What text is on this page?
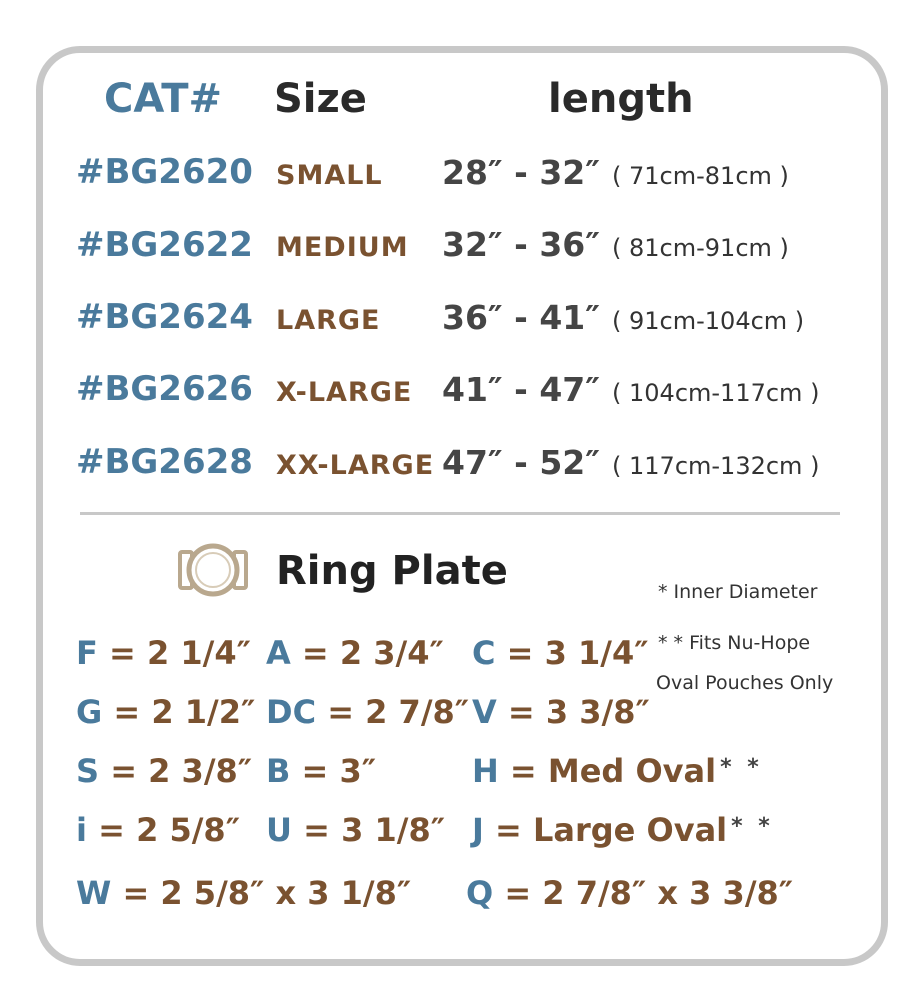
CAT# Size	length
#BG2620 SMALL 28″ - 32″ ( 71cm-81cm )
#BG2622 MEDIUM 32″ - 36″ ( 81cm-91cm )
#BG2624 LARGE 36″ - 41″ ( 91cm-104cm )
#BG2626 X-LARGE 41″ - 47″ ( 104cm-117cm )
#BG2628 XX-LARGE 47″ - 52″ ( 117cm-132cm )
Ring Plate	* Inner Diameter
* * Fits Nu-Hope
Oval Pouches Only
F = 2 1/4″ A = 2 3/4″ C = 3 1/4″
G = 2 1/2″ DC = 2 7/8″ V = 3 3/8″
S = 2 3/8″ B = 3″	H = Med Oval * *
i = 2 5/8″ U = 3 1/8″ J = Large Oval * *
W = 2 5/8″ x 3 1/8″ Q = 2 7/8″ x 3 3/8″
